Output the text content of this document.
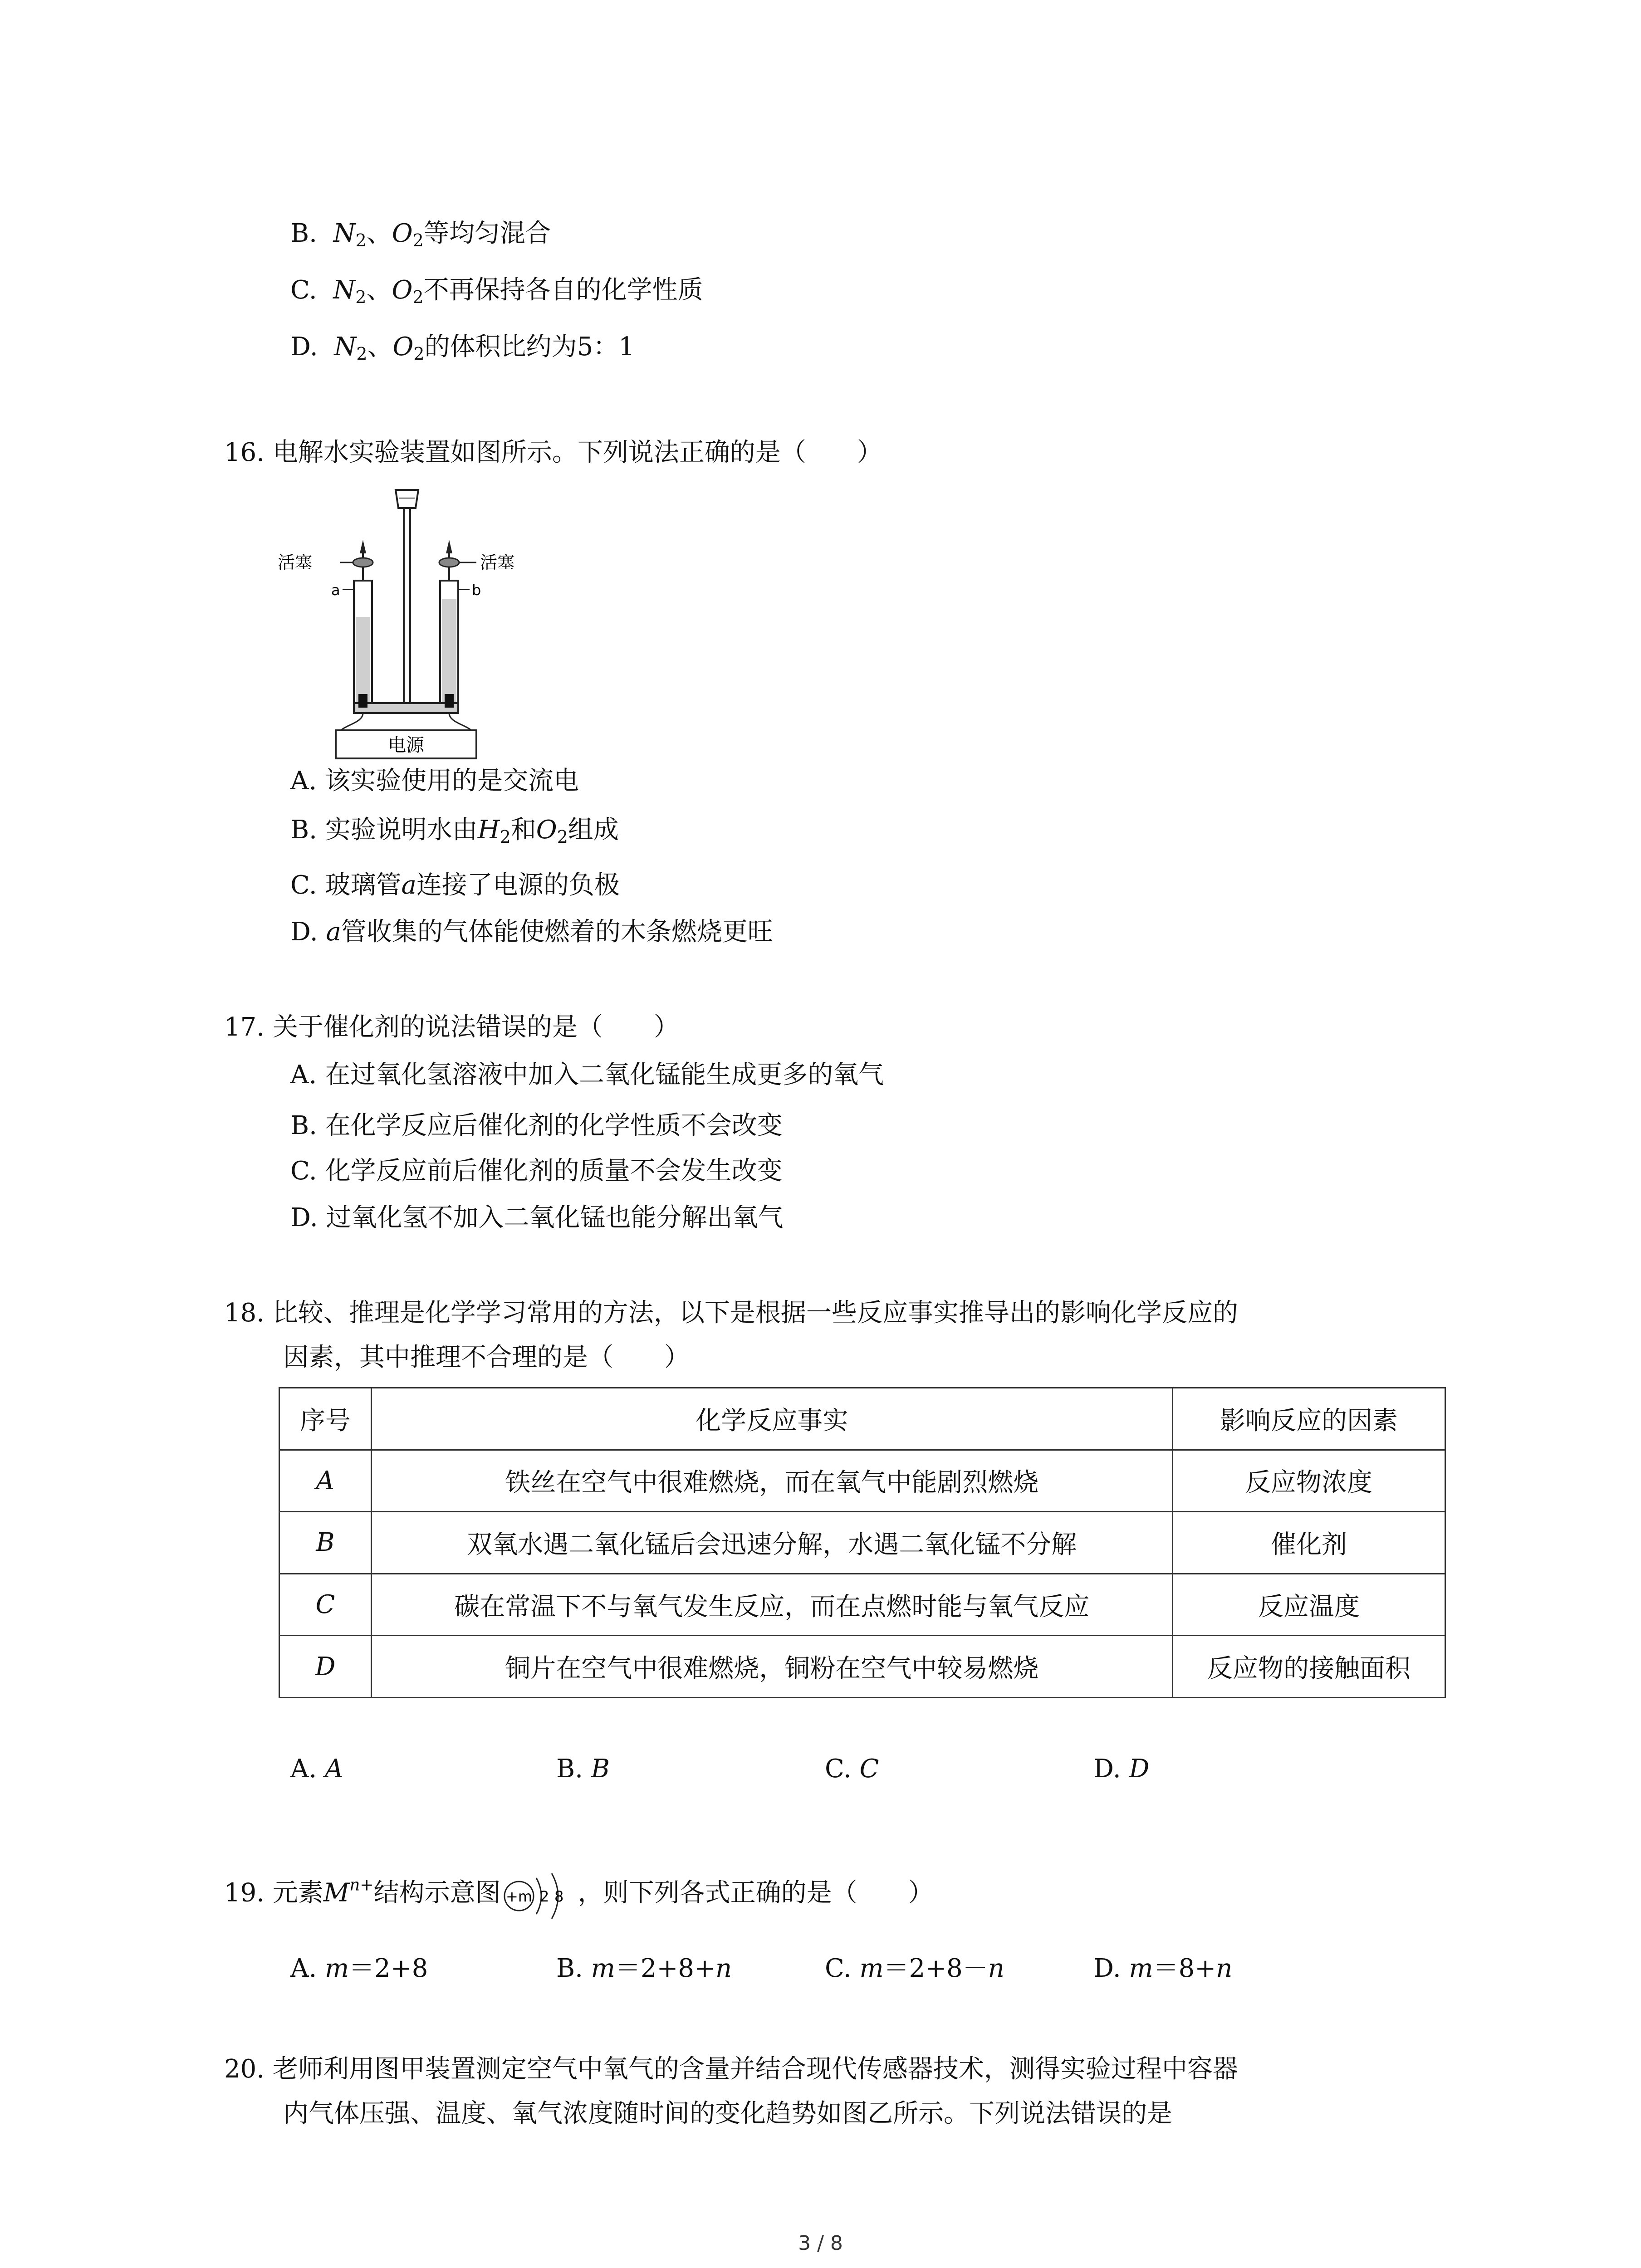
B. $N_2$、$O_2$等均匀混合
C. $N_2$、$O_2$不再保持各自的化学性质
D. $N_2$、$O_2$的体积比约为5：1
16. 电解水实验装置如图所示。下列说法正确的是（　　）
电源
活塞	活塞
a	b
A. 该实验使用的是交流电
B. 实验说明水由$H_2$和$O_2$组成
C. 玻璃管a连接了电源的负极
D. a管收集的气体能使燃着的木条燃烧更旺
17. 关于催化剂的说法错误的是（　　）
A. 在过氧化氢溶液中加入二氧化锰能生成更多的氧气
B. 在化学反应后催化剂的化学性质不会改变
C. 化学反应前后催化剂的质量不会发生改变
D. 过氧化氢不加入二氧化锰也能分解出氧气
18. 比较、推理是化学学习常用的方法，以下是根据一些反应事实推导出的影响化学反应的
因素，其中推理不合理的是（　　）
序号	化学反应事实	影响反应的因素
A	铁丝在空气中很难燃烧，而在氧气中能剧烈燃烧	反应物浓度
B	双氧水遇二氧化锰后会迅速分解，水遇二氧化锰不分解	催化剂
C	碳在常温下不与氧气发生反应，而在点燃时能与氧气反应	反应温度
D	铜片在空气中很难燃烧，铜粉在空气中较易燃烧	反应物的接触面积
A. A	B. B	C. C	D. D
19. 元素$M^{n+}$结构示意图 +m 2 8 ，则下列各式正确的是（　　）
A. m＝2+8	B. m＝2+8+n	C. m＝2+8－n	D. m＝8+n
20. 老师利用图甲装置测定空气中氧气的含量并结合现代传感器技术，测得实验过程中容器
内气体压强、温度、氧气浓度随时间的变化趋势如图乙所示。下列说法错误的是
3 / 8
